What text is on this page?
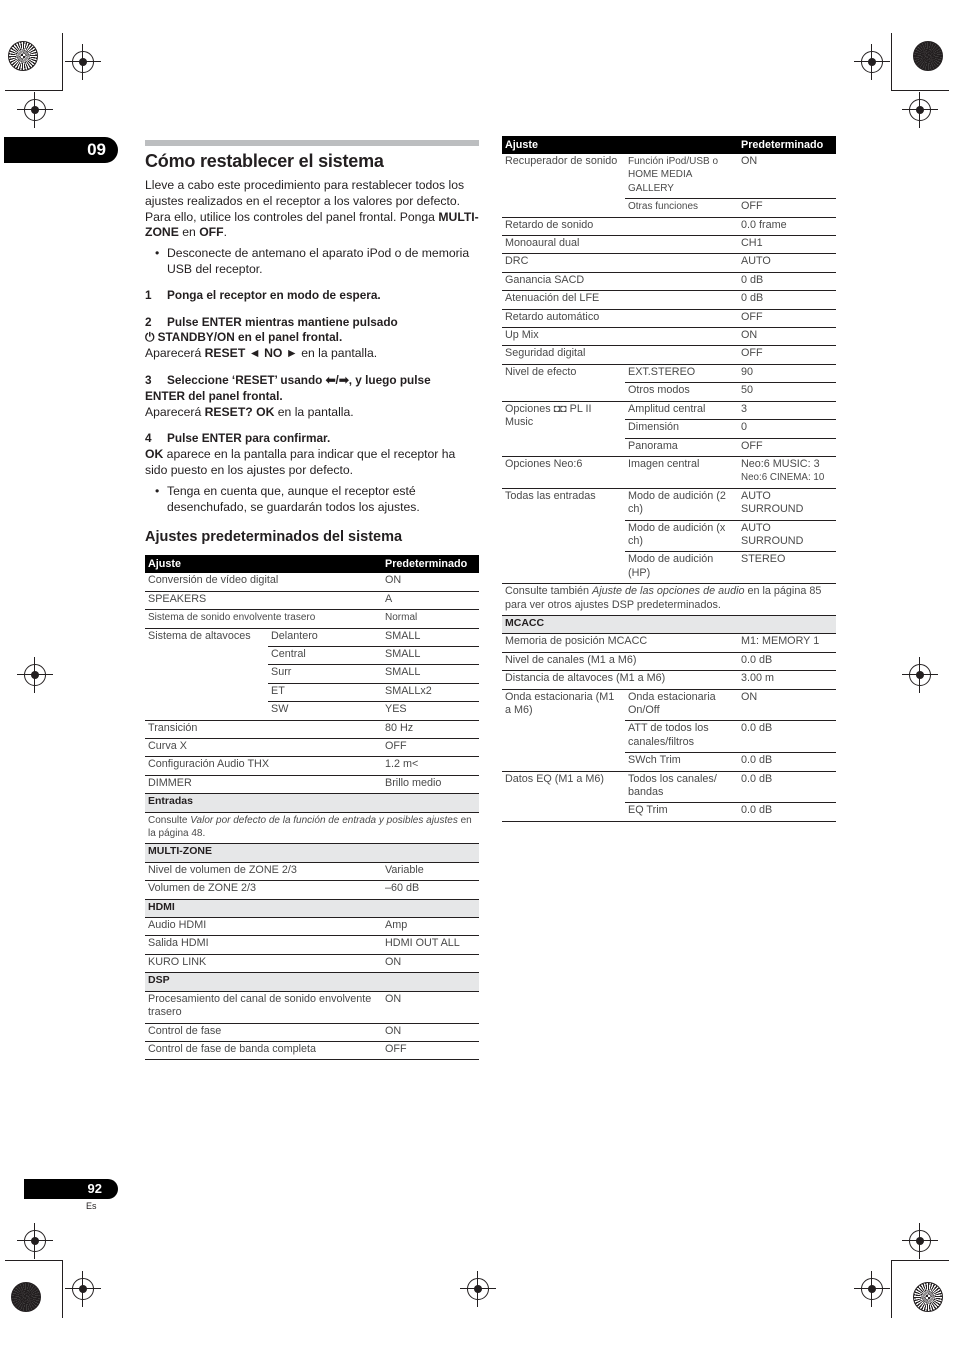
09
92
Es
Cómo restablecer el sistema

Lleve a cabo este procedimiento para restablecer todos los ajustes realizados en el receptor a los valores por defecto. Para ello, utilice los controles del panel frontal. Ponga MULTI-ZONE en OFF.

• Desconecte de antemano el aparato iPod o de memoria USB del receptor.
1 Ponga el receptor en modo de espera.
2 Pulse ENTER mientras mantiene pulsado
⏻ STANDBY/ON en el panel frontal.

Aparecerá RESET ◄ NO ► en la pantalla.

3 Seleccione ‘RESET’ usando ⬅/➡, y luego pulse
ENTER del panel frontal.

Aparecerá RESET? OK en la pantalla.

4 Pulse ENTER para confirmar.

OK aparece en la pantalla para indicar que el receptor ha sido puesto en los ajustes por defecto.

• Tenga en cuenta que, aunque el receptor esté desenchufado, se guardarán todos los ajustes.
Ajustes predeterminados del sistema
Ajuste		Predeterminado
Conversión de vídeo digital		ON
SPEAKERS		A
Sistema de sonido envolvente trasero		Normal
Sistema de altavoces	Delantero	SMALL
	Central	SMALL
	Surr	SMALL
	ET	SMALLx2
	SW	YES
Transición		80 Hz
Curva X		OFF
Configuración Audio THX		1.2 m<
DIMMER		Brillo medio
Entradas		
Consulte Valor por defecto de la función de entrada y posibles ajustes en la página 48.		
MULTI-ZONE		
Nivel de volumen de ZONE 2/3		Variable
Volumen de ZONE 2/3		–60 dB
HDMI		
Audio HDMI		Amp
Salida HDMI		HDMI OUT ALL
KURO LINK		ON
DSP		
Procesamiento del canal de sonido envolvente trasero		ON
Control de fase		ON
Control de fase de banda completa		OFF
Ajuste		Predeterminado
Recuperador de sonido	Función iPod/USB o HOME MEDIA GALLERY	ON
	Otras funciones	OFF
Retardo de sonido		0.0 frame
Monoaural dual		CH1
DRC		AUTO
Ganancia SACD		0 dB
Atenuación del LFE		0 dB
Retardo automático		OFF
Up Mix		ON
Seguridad digital		OFF
Nivel de efecto	EXT.STEREO	90
	Otros modos	50
Opciones ◘◘ PL II Music	Amplitud central	3
	Dimensión	0
	Panorama	OFF
Opciones Neo:6	Imagen central	Neo:6 MUSIC: 3
Neo:6 CINEMA: 10
Todas las entradas	Modo de audición (2 ch)	AUTO SURROUND
	Modo de audición (x ch)	AUTO SURROUND
	Modo de audición (HP)	STEREO
Consulte también Ajuste de las opciones de audio en la página 85 para ver otros ajustes DSP predeterminados.		
MCACC		
Memoria de posición MCACC		M1: MEMORY 1
Nivel de canales (M1 a M6)		0.0 dB
Distancia de altavoces (M1 a M6)		3.00 m
Onda estacionaria (M1 a M6)	Onda estacionaria On/Off	ON
	ATT de todos los canales/filtros	0.0 dB
	SWch Trim	0.0 dB
Datos EQ (M1 a M6)	Todos los canales/ bandas	0.0 dB
	EQ Trim	0.0 dB
